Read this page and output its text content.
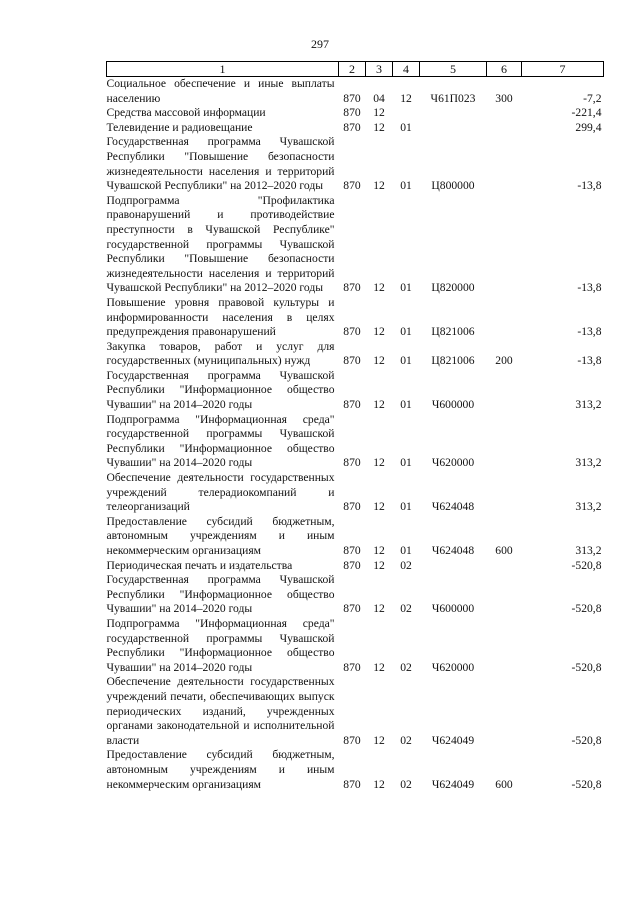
297
1	2	3	4	5	6	7
Социальное обеспечение и иные выплаты населению	870	04	12	Ч61П023	300	-7,2
Средства массовой информации	870	12				-221,4
Телевидение и радиовещание	870	12	01			299,4
Государственная программа Чувашской Республики "Повышение безопасности жизнедеятельности населения и территорий Чувашской Республики" на 2012–2020 годы	870	12	01	Ц800000		-13,8
Подпрограмма "Профилактика правонарушений и противодействие преступности в Чувашской Республике" государственной программы Чувашской Республики "Повышение безопасности жизнедеятельности населения и территорий Чувашской Республики" на 2012–2020 годы	870	12	01	Ц820000		-13,8
Повышение уровня правовой культуры и информированности населения в целях предупреждения правонарушений	870	12	01	Ц821006		-13,8
Закупка товаров, работ и услуг для государственных (муниципальных) нужд	870	12	01	Ц821006	200	-13,8
Государственная программа Чувашской Республики "Информационное общество Чувашии" на 2014–2020 годы	870	12	01	Ч600000		313,2
Подпрограмма "Информационная среда" государственной программы Чувашской Республики "Информационное общество Чувашии" на 2014–2020 годы	870	12	01	Ч620000		313,2
Обеспечение деятельности государственных учреждений телерадиокомпаний и телеорганизаций	870	12	01	Ч624048		313,2
Предоставление субсидий бюджетным, автономным учреждениям и иным некоммерческим организациям	870	12	01	Ч624048	600	313,2
Периодическая печать и издательства	870	12	02			-520,8
Государственная программа Чувашской Республики "Информационное общество Чувашии" на 2014–2020 годы	870	12	02	Ч600000		-520,8
Подпрограмма "Информационная среда" государственной программы Чувашской Республики "Информационное общество Чувашии" на 2014–2020 годы	870	12	02	Ч620000		-520,8
Обеспечение деятельности государственных учреждений печати, обеспечивающих выпуск периодических изданий, учрежденных органами законодательной и исполнительной власти	870	12	02	Ч624049		-520,8
Предоставление субсидий бюджетным, автономным учреждениям и иным некоммерческим организациям	870	12	02	Ч624049	600	-520,8
